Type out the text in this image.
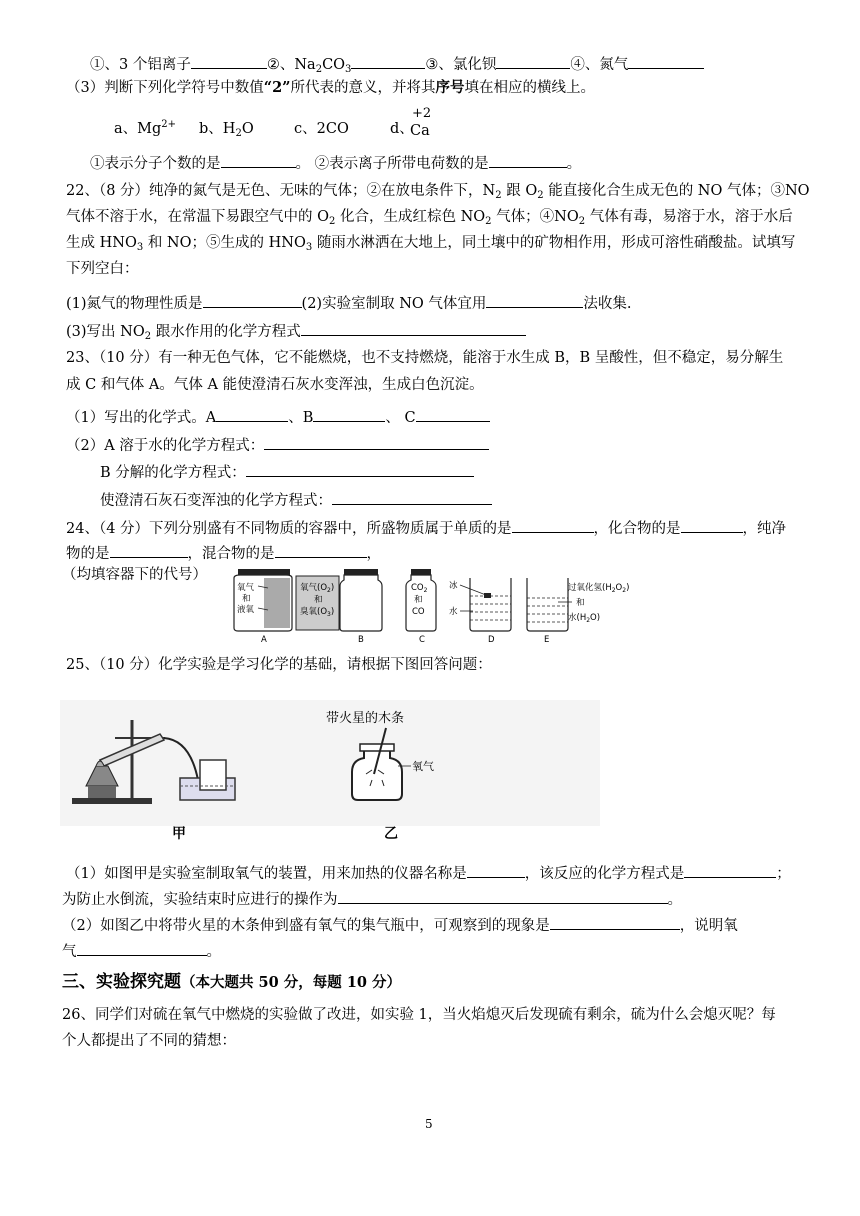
①、3 个铝离子	②、$Na_2CO_3$	③、氯化钡	④、氮气
（3）判断下列化学符号中数值“2”所代表的意义，并将其序号填在相应的横线上。
a、$Mg^{2+}$ b、$H_2O$	c、2CO	d、
+2
Ca
①表示分子个数的是	。 ②表示离子所带电荷数的是	。
22、（8 分）纯净的氮气是无色、无味的气体；②在放电条件下，$N_2$ 跟 $O_2$ 能直接化合生成无色的 NO 气体；③NO
气体不溶于水，在常温下易跟空气中的 $O_2$ 化合，生成红棕色 $NO_2$ 气体；$④NO_2$ 气体有毒，易溶于水，溶于水后
生成 $HNO_3$ 和 NO；⑤生成的 $HNO_3$ 随雨水淋洒在大地上，同土壤中的矿物相作用，形成可溶性硝酸盐。试填写
下列空白：
(1)氮气的物理性质是	(2)实验室制取 NO 气体宜用	法收集.
(3)写出 $NO_2$ 跟水作用的化学方程式
23、（10 分）有一种无色气体，它不能燃烧，也不支持燃烧，能溶于水生成 B，B 呈酸性，但不稳定，易分解生
成 C 和气体 A。气体 A 能使澄清石灰水变浑浊，生成白色沉淀。
（1）写出的化学式。A	、B	、 C
（2）A 溶于水的化学方程式：
B 分解的化学方程式：
使澄清石灰石变浑浊的化学方程式：
24、（4 分）下列分别盛有不同物质的容器中，所盛物质属于单质的是	，化合物的是	，纯净
物的是	，混合物的是	，
（均填容器下的代号）
氧气
和
液氧
A
氧气$(O_2)$
和
臭氧$(O_3)$
B
$CO_2$
和
CO
C
冰
水
D
过氧化氢$(H_2O_2)$
和
水$(H_2O)$
E
25、（10 分）化学实验是学习化学的基础，请根据下图回答问题：
带火星的木条
氧气
甲	乙
（1）如图甲是实验室制取氧气的装置，用来加热的仪器名称是	，该反应的化学方程式是	；
为防止水倒流，实验结束时应进行的操作为	。
（2）如图乙中将带火星的木条伸到盛有氧气的集气瓶中，可观察到的现象是	，说明氧
气	。
三、实验探究题（本大题共 50 分，每题 10 分）
26、同学们对硫在氧气中燃烧的实验做了改进，如实验 1，当火焰熄灭后发现硫有剩余，硫为什么会熄灭呢？每
个人都提出了不同的猜想：
5
